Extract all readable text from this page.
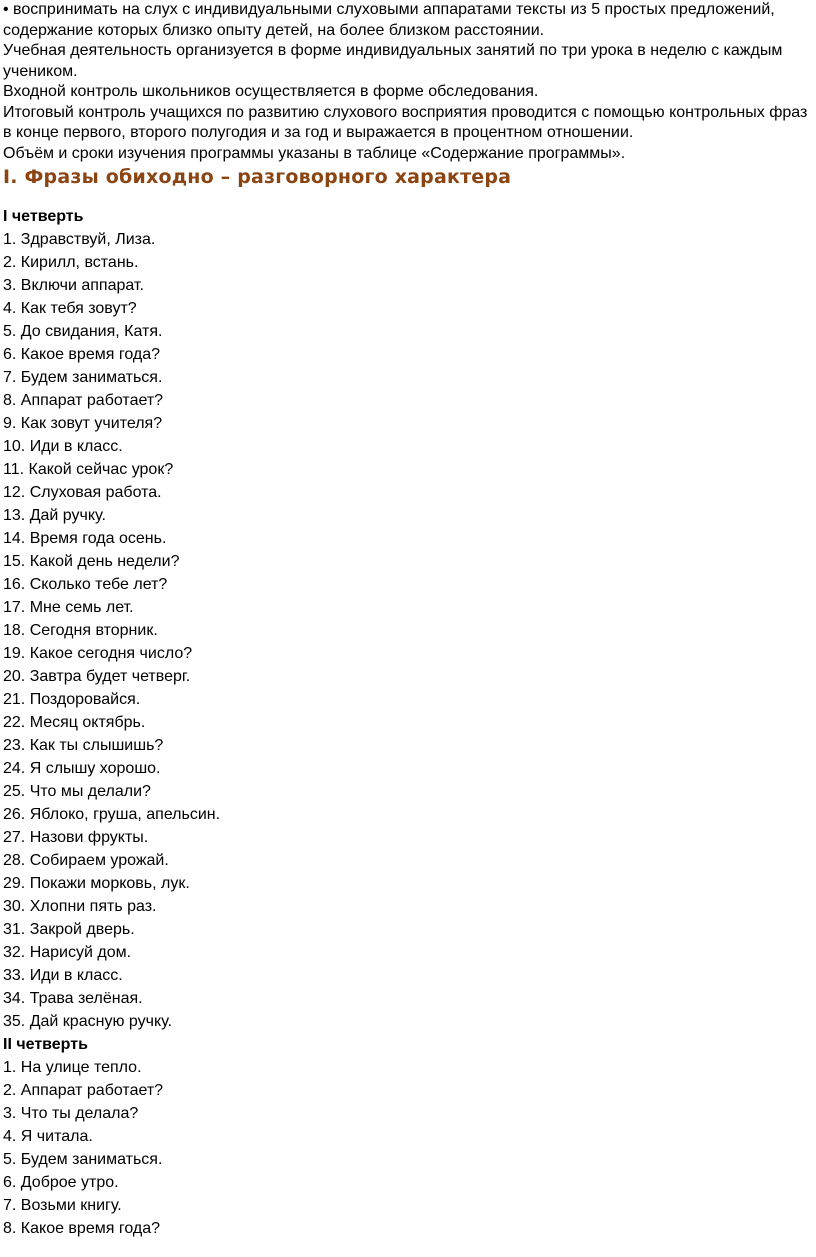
• воспринимать на слух с индивидуальными слуховыми аппаратами тексты из 5 простых предложений, содержание которых близко опыту детей, на более близком расстоянии.

Учебная деятельность организуется в форме индивидуальных занятий по три урока в неделю с каждым учеником.

Входной контроль школьников осуществляется в форме обследования.

Итоговый контроль учащихся по развитию слухового восприятия проводится с помощью контрольных фраз в конце первого, второго полугодия и за год и выражается в процентном отношении.

Объём и сроки изучения программы указаны в таблице «Содержание программы».

I. Фразы обиходно – разговорного характера
I четверть
1. Здравствуй, Лиза.
2. Кирилл, встань.
3. Включи аппарат.
4. Как тебя зовут?
5. До свидания, Катя.
6. Какое время года?
7. Будем заниматься.
8. Аппарат работает?
9. Как зовут учителя?
10. Иди в класс.
11. Какой сейчас урок?
12. Слуховая работа.
13. Дай ручку.
14. Время года осень.
15. Какой день недели?
16. Сколько тебе лет?
17. Мне семь лет.
18. Сегодня вторник.
19. Какое сегодня число?
20. Завтра будет четверг.
21. Поздоровайся.
22. Месяц октябрь.
23. Как ты слышишь?
24. Я слышу хорошо.
25. Что мы делали?
26. Яблоко, груша, апельсин.
27. Назови фрукты.
28. Собираем урожай.
29. Покажи морковь, лук.
30. Хлопни пять раз.
31. Закрой дверь.
32. Нарисуй дом.
33. Иди в класс.
34. Трава зелёная.
35. Дай красную ручку.
II четверть
1. На улице тепло.
2. Аппарат работает?
3. Что ты делала?
4. Я читала.
5. Будем заниматься.
6. Доброе утро.
7. Возьми книгу.
8. Какое время года?
